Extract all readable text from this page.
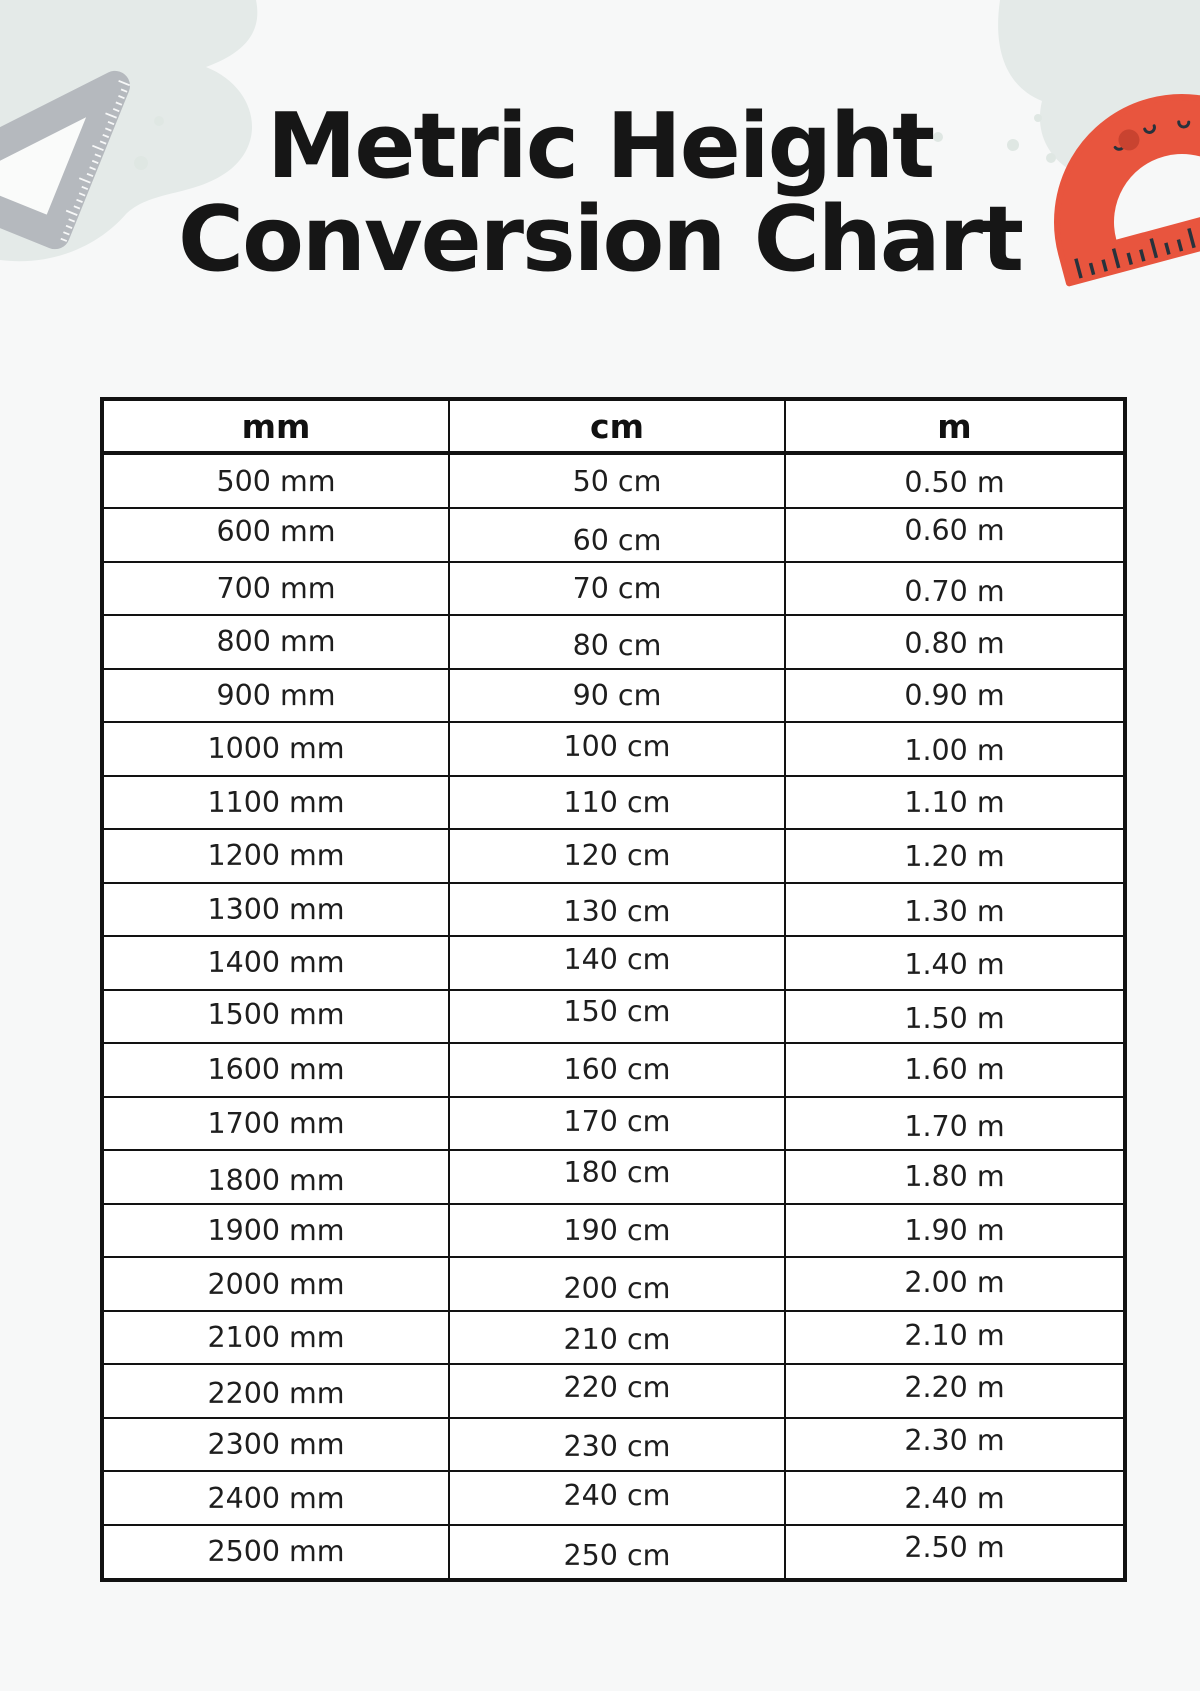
Metric Height
Conversion Chart
mm	cm	m
500 mm	50 cm	0.50 m
600 mm	60 cm	0.60 m
700 mm	70 cm	0.70 m
800 mm	80 cm	0.80 m
900 mm	90 cm	0.90 m
1000 mm	100 cm	1.00 m
1100 mm	110 cm	1.10 m
1200 mm	120 cm	1.20 m
1300 mm	130 cm	1.30 m
1400 mm	140 cm	1.40 m
1500 mm	150 cm	1.50 m
1600 mm	160 cm	1.60 m
1700 mm	170 cm	1.70 m
1800 mm	180 cm	1.80 m
1900 mm	190 cm	1.90 m
2000 mm	200 cm	2.00 m
2100 mm	210 cm	2.10 m
2200 mm	220 cm	2.20 m
2300 mm	230 cm	2.30 m
2400 mm	240 cm	2.40 m
2500 mm	250 cm	2.50 m
